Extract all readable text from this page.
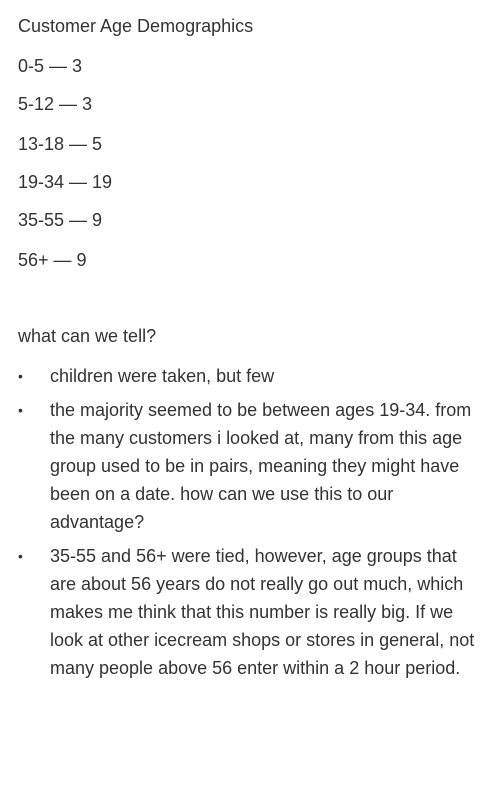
Customer Age Demographics
0-5 — 3
5-12 — 3
13-18 — 5
19-34 — 19
35-55 — 9
56+ — 9
what can we tell?
•	children were taken, but few
•	the majority seemed to be between ages 19-34. from the many customers i looked at, many from this age group used to be in pairs, meaning they might have been on a date. how can we use this to our advantage?
•	35-55 and 56+ were tied, however, age groups that are about 56 years do not really go out much, which makes me think that this number is really big. If we look at other icecream shops or stores in general, not many people above 56 enter within a 2 hour period.
